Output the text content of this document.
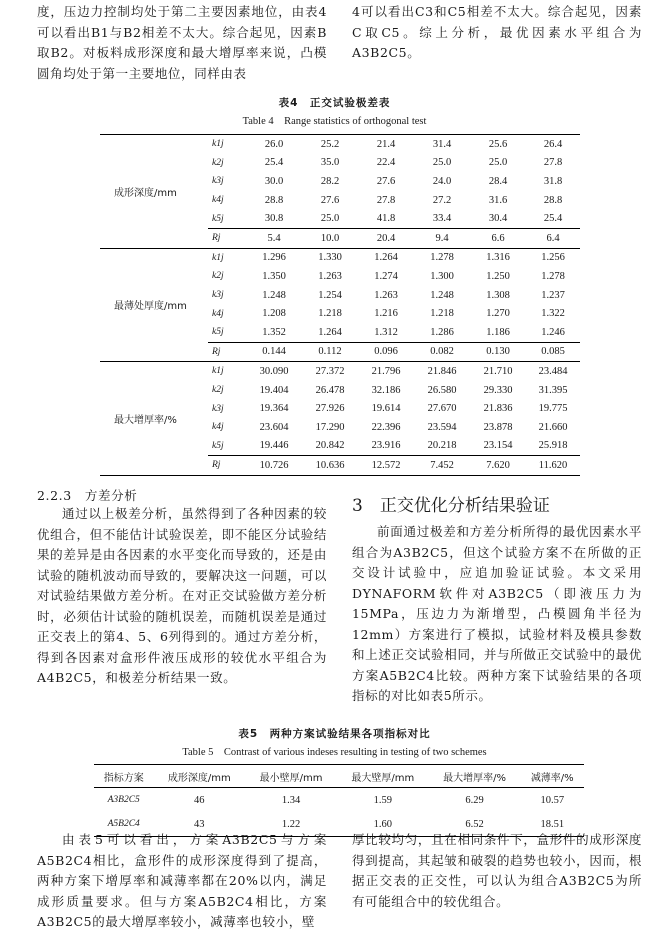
度，压边力控制均处于第二主要因素地位，由表4可以看出B1与B2相差不太大。综合起见，因素B取B2。对板料成形深度和最大增厚率来说，凸模圆角均处于第一主要地位，同样由表

4可以看出C3和C5相差不太大。综合起见，因素C取C5。综上分析，最优因素水平组合为A3B2C5。

表4　正交试验极差表
Table 4　Range statistics of orthogonal test
成形深度/mm	k1j	26.0	25.2	21.4	31.4	25.6	26.4
	k2j	25.4	35.0	22.4	25.0	25.0	27.8
	k3j	30.0	28.2	27.6	24.0	28.4	31.8
	k4j	28.8	27.6	27.8	27.2	31.6	28.8
	k5j	30.8	25.0	41.8	33.4	30.4	25.4
	Rj	5.4	10.0	20.4	9.4	6.6	6.4
最薄处厚度/mm	k1j	1.296	1.330	1.264	1.278	1.316	1.256
	k2j	1.350	1.263	1.274	1.300	1.250	1.278
	k3j	1.248	1.254	1.263	1.248	1.308	1.237
	k4j	1.208	1.218	1.216	1.218	1.270	1.322
	k5j	1.352	1.264	1.312	1.286	1.186	1.246
	Rj	0.144	0.112	0.096	0.082	0.130	0.085
最大增厚率/%	k1j	30.090	27.372	21.796	21.846	21.710	23.484
	k2j	19.404	26.478	32.186	26.580	29.330	31.395
	k3j	19.364	27.926	19.614	27.670	21.836	19.775
	k4j	23.604	17.290	22.396	23.594	23.878	21.660
	k5j	19.446	20.842	23.916	20.218	23.154	25.918
	Rj	10.726	10.636	12.572	7.452	7.620	11.620
2.2.3　方差分析

通过以上极差分析，虽然得到了各种因素的较优组合，但不能估计试验误差，即不能区分试验结果的差异是由各因素的水平变化而导致的，还是由试验的随机波动而导致的，要解决这一问题，可以对试验结果做方差分析。在对正交试验做方差分析时，必须估计试验的随机误差，而随机误差是通过正交表上的第4、5、6列得到的。通过方差分析，得到各因素对盒形件液压成形的较优水平组合为A4B2C5，和极差分析结果一致。

3　正交优化分析结果验证

前面通过极差和方差分析所得的最优因素水平组合为A3B2C5，但这个试验方案不在所做的正交设计试验中，应追加验证试验。本文采用DYNAFORM软件对A3B2C5（即液压力为15MPa，压边力为渐增型，凸模圆角半径为12mm）方案进行了模拟，试验材料及模具参数和上述正交试验相同，并与所做正交试验中的最优方案A5B2C4比较。两种方案下试验结果的各项指标的对比如表5所示。

表5　两种方案试验结果各项指标对比
Table 5　Contrast of various indeses resulting in testing of two schemes
指标方案	成形深度/mm	最小壁厚/mm	最大壁厚/mm	最大增厚率/%	减薄率/%
A3B2C5	46	1.34	1.59	6.29	10.57
A5B2C4	43	1.22	1.60	6.52	18.51

由表5可以看出，方案A3B2C5与方案A5B2C4相比，盒形件的成形深度得到了提高，两种方案下增厚率和减薄率都在20%以内，满足成形质量要求。但与方案A5B2C4相比，方案A3B2C5的最大增厚率较小，减薄率也较小，壁

厚比较均匀，且在相同条件下，盒形件的成形深度得到提高，其起皱和破裂的趋势也较小，因而，根据正交表的正交性，可以认为组合A3B2C5为所有可能组合中的较优组合。
